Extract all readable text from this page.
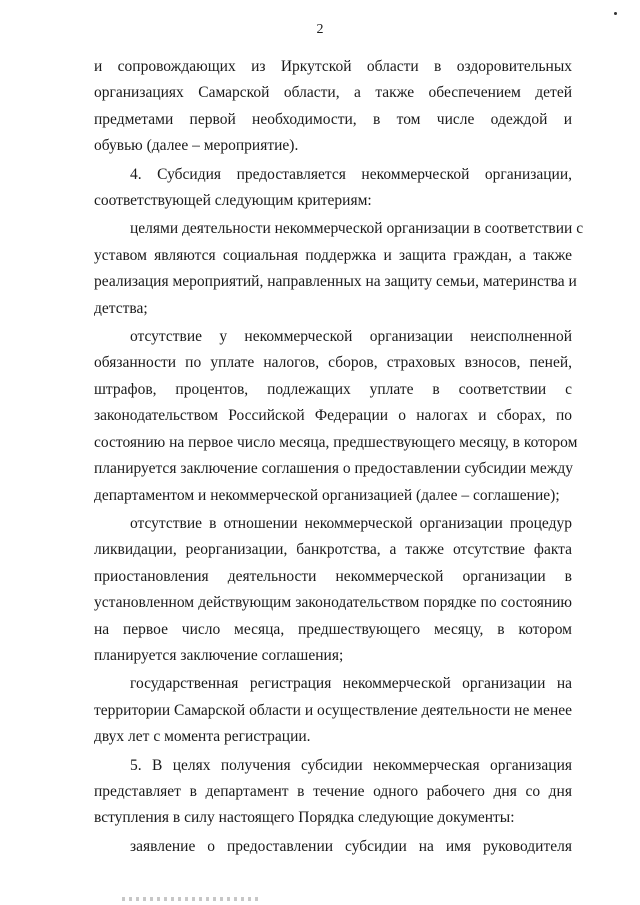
2
и сопровождающих из Иркутской области в оздоровительных
организациях Самарской области, а также обеспечением детей
предметами первой необходимости, в том числе одеждой и
обувью (далее – мероприятие).
4. Субсидия предоставляется некоммерческой организации,
соответствующей следующим критериям:
целями деятельности некоммерческой организации в соответствии с
уставом являются социальная поддержка и защита граждан, а также
реализация мероприятий, направленных на защиту семьи, материнства и
детства;
отсутствие у некоммерческой организации неисполненной
обязанности по уплате налогов, сборов, страховых взносов, пеней,
штрафов, процентов, подлежащих уплате в соответствии с
законодательством Российской Федерации о налогах и сборах, по
состоянию на первое число месяца, предшествующего месяцу, в котором
планируется заключение соглашения о предоставлении субсидии между
департаментом и некоммерческой организацией (далее – соглашение);
отсутствие в отношении некоммерческой организации процедур
ликвидации, реорганизации, банкротства, а также отсутствие факта
приостановления деятельности некоммерческой организации в
установленном действующим законодательством порядке по состоянию
на первое число месяца, предшествующего месяцу, в котором
планируется заключение соглашения;
государственная регистрация некоммерческой организации на
территории Самарской области и осуществление деятельности не менее
двух лет с момента регистрации.
5. В целях получения субсидии некоммерческая организация
представляет в департамент в течение одного рабочего дня со дня
вступления в силу настоящего Порядка следующие документы:
заявление о предоставлении субсидии на имя руководителя
